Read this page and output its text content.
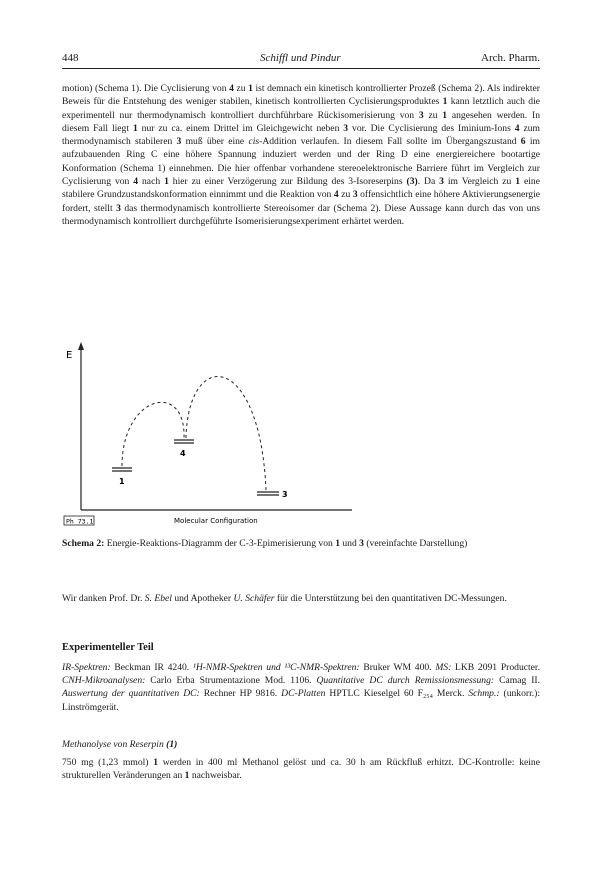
448	Schiffl und Pindur	Arch. Pharm.

motion) (Schema 1). Die Cyclisierung von 4 zu 1 ist demnach ein kinetisch kontrollierter Prozeß (Schema 2). Als indirekter Beweis für die Entstehung des weniger stabilen, kinetisch kontrollierten Cyclisierungsproduktes 1 kann letztlich auch die experimentell nur thermodynamisch kontrolliert durchführbare Rückisomerisierung von 3 zu 1 angesehen werden. In diesem Fall liegt 1 nur zu ca. einem Drittel im Gleichgewicht neben 3 vor. Die Cyclisierung des Iminium-Ions 4 zum thermodynamisch stabileren 3 muß über eine cis-Addition verlaufen. In diesem Fall sollte im Übergangszustand 6 im aufzubauenden Ring C eine höhere Spannung induziert werden und der Ring D eine energiereichere bootartige Konformation (Schema 1) einnehmen. Die hier offenbar vorhandene stereoelektronische Barriere führt im Vergleich zur Cyclisierung von 4 nach 1 hier zu einer Verzögerung zur Bildung des 3-Isoreserpins (3). Da 3 im Vergleich zu 1 eine stabilere Grundzustandskonformation einnimmt und die Reaktion von 4 zu 3 offensichtlich eine höhere Aktivierungsenergie fordert, stellt 3 das thermodynamisch kontrollierte Stereoisomer dar (Schema 2). Diese Aussage kann durch das von uns thermodynamisch kontrolliert durchgeführte Isomerisierungsexperiment erhärtet werden.

E
1
4
3
Ph 73.1	Molecular Configuration

Schema 2: Energie-Reaktions-Diagramm der C-3-Epimerisierung von 1 und 3 (vereinfachte Darstellung)

Wir danken Prof. Dr. S. Ebel und Apotheker U. Schäfer für die Unterstützung bei den quantitativen DC-Messungen.

Experimenteller Teil

IR-Spektren: Beckman IR 4240. ¹H-NMR-Spektren und ¹³C-NMR-Spektren: Bruker WM 400. MS: LKB 2091 Producter. CNH-Mikroanalysen: Carlo Erba Strumentazione Mod. 1106. Quantitative DC durch Remissionsmessung: Camag II. Auswertung der quantitativen DC: Rechner HP 9816. DC-Platten HPTLC Kieselgel 60 F₂₅₄ Merck. Schmp.: (unkorr.): Linströmgerät.

Methanolyse von Reserpin (1)

750 mg (1,23 mmol) 1 werden in 400 ml Methanol gelöst und ca. 30 h am Rückfluß erhitzt. DC-Kontrolle: keine strukturellen Veränderungen an 1 nachweisbar.
